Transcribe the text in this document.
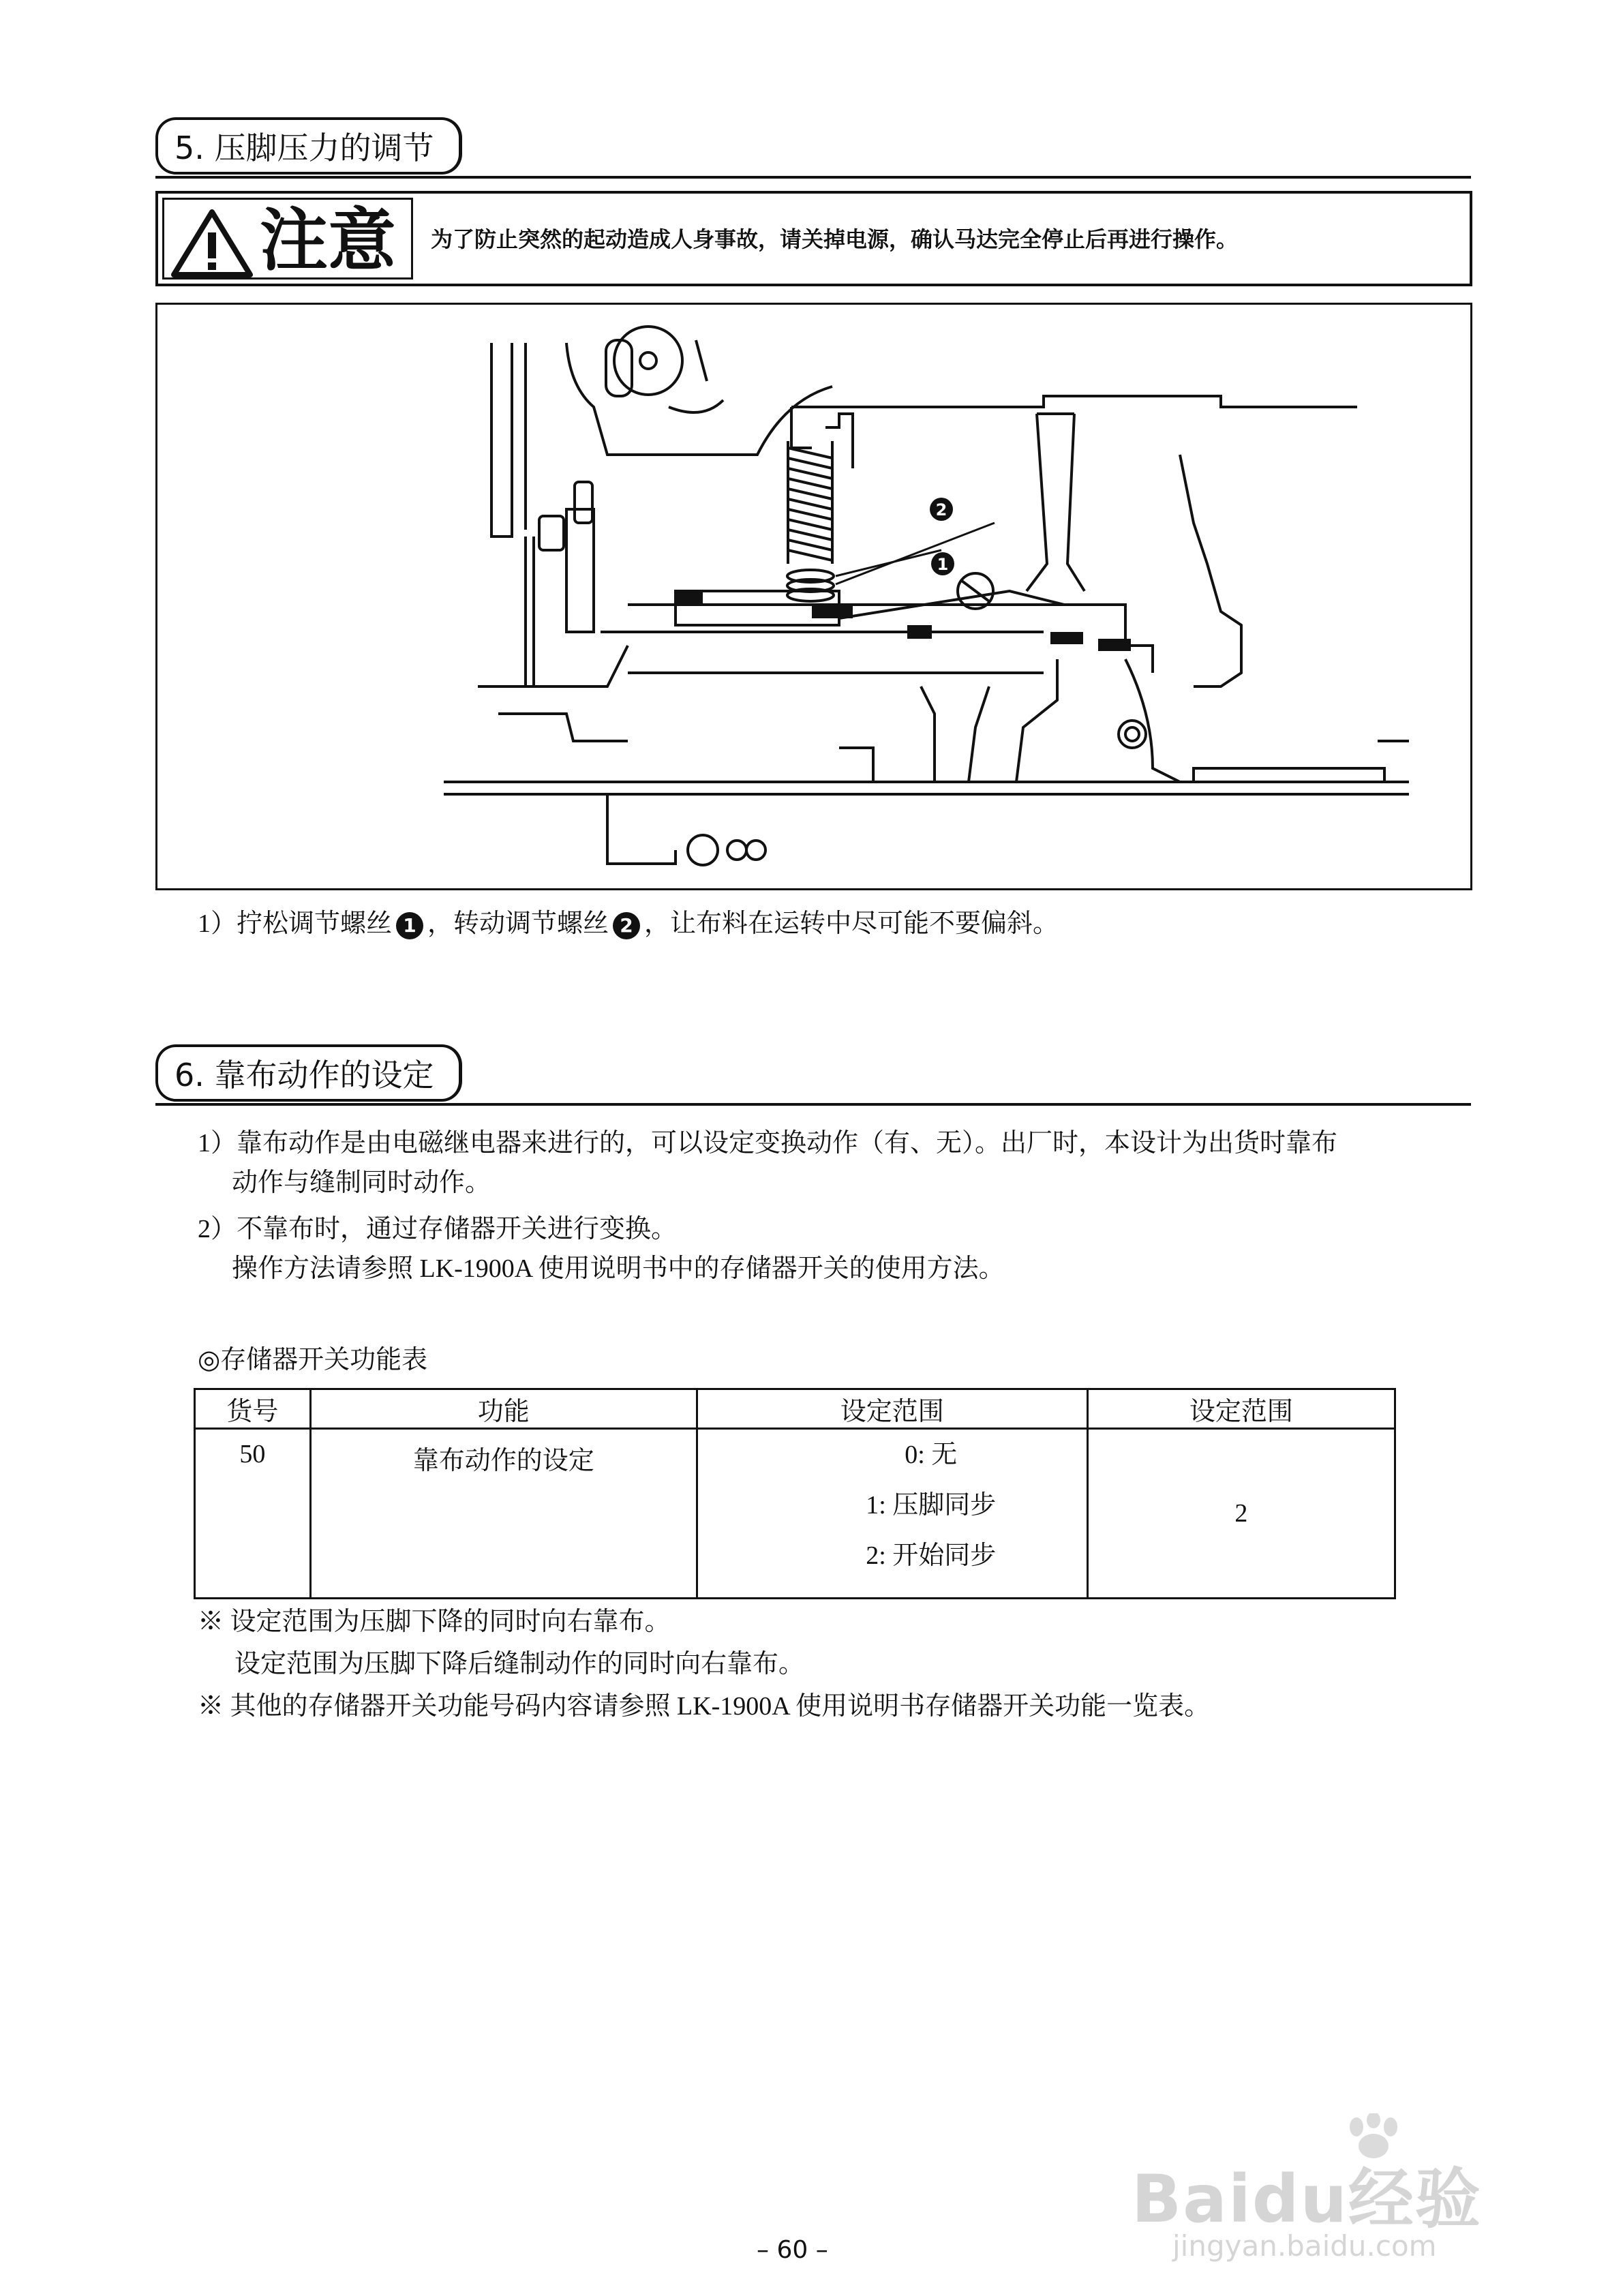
5. 压脚压力的调节
注意 为了防止突然的起动造成人身事故，请关掉电源，确认马达完全停止后再进行操作。
2
1
1）拧松调节螺丝 1 ，转动调节螺丝 2 ，让布料在运转中尽可能不要偏斜。
6. 靠布动作的设定
1）靠布动作是由电磁继电器来进行的，可以设定变换动作（有、无）。出厂时，本设计为出货时靠布
动作与缝制同时动作。
2）不靠布时，通过存储器开关进行变换。
操作方法请参照 LK-1900A 使用说明书中的存储器开关的使用方法。
◎存储器开关功能表
货号	功能	设定范围	设定范围
50	靠布动作的设定	0: 无
1: 压脚同步
2: 开始同步	2
※ 设定范围为压脚下降的同时向右靠布。
设定范围为压脚下降后缝制动作的同时向右靠布。
※ 其他的存储器开关功能号码内容请参照 LK-1900A 使用说明书存储器开关功能一览表。
Baidu经验
jingyan.baidu.com
– 60 –
